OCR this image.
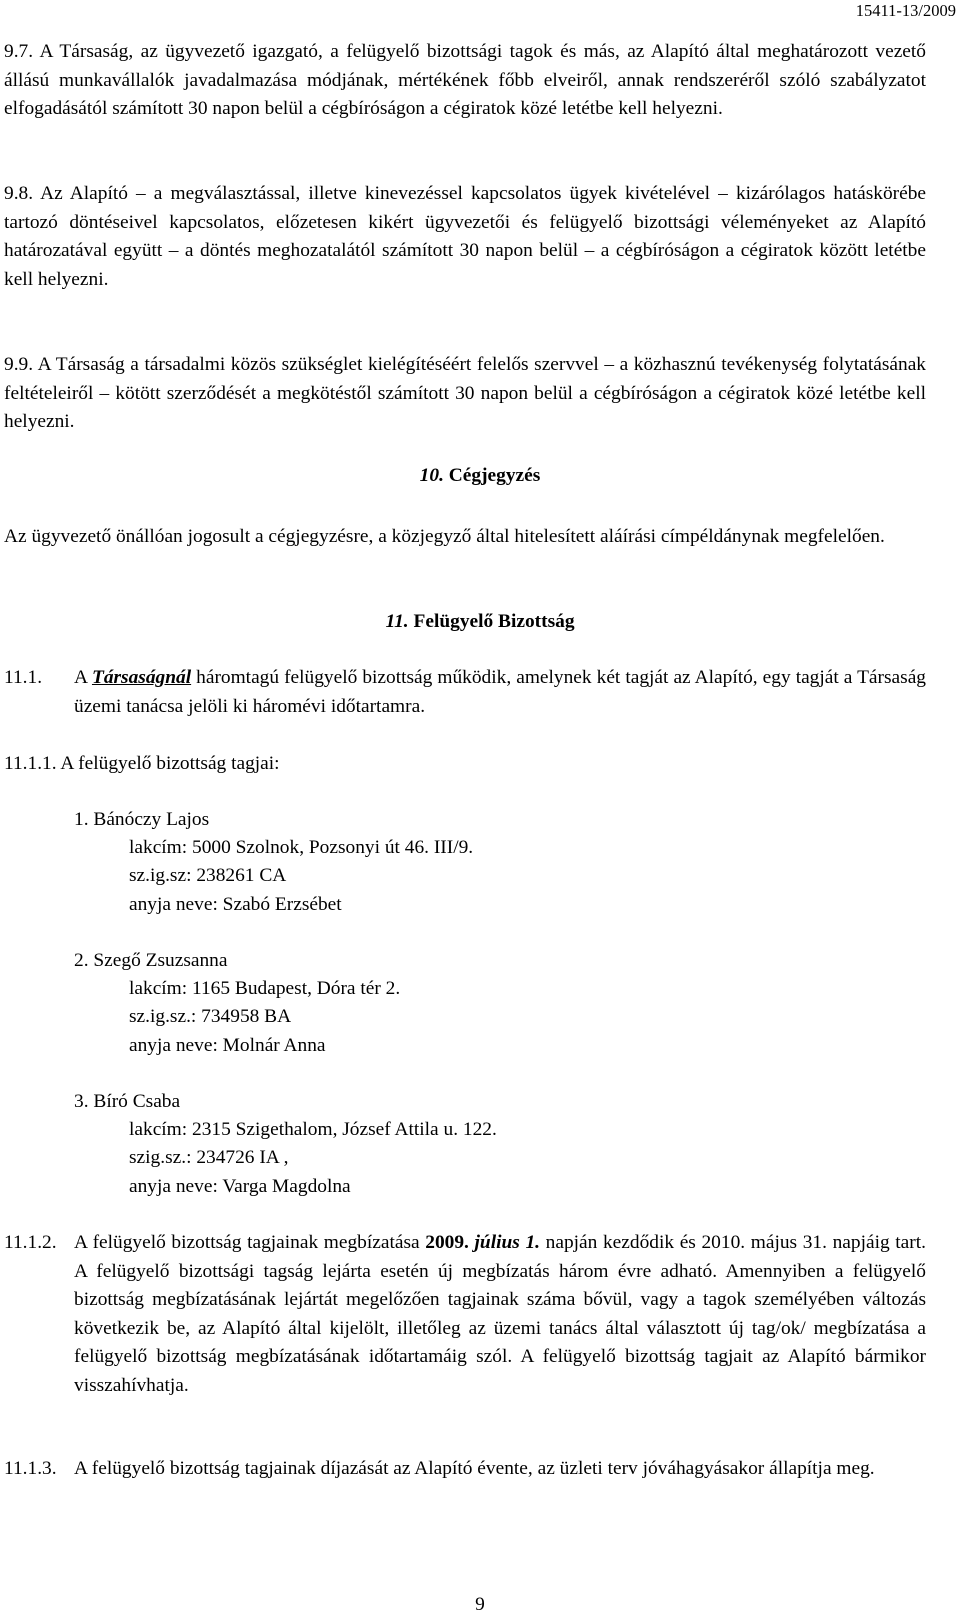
15411-13/2009

9.7. A Társaság, az ügyvezető igazgató, a felügyelő bizottsági tagok és más, az Alapító által meghatározott vezető állású munkavállalók javadalmazása módjának, mértékének főbb elveiről, annak rendszeréről szóló szabályzatot elfogadásától számított 30 napon belül a cégbíróságon a cégiratok közé letétbe kell helyezni.

9.8. Az Alapító – a megválasztással, illetve kinevezéssel kapcsolatos ügyek kivételével – kizárólagos hatáskörébe tartozó döntéseivel kapcsolatos, előzetesen kikért ügyvezetői és felügyelő bizottsági véleményeket az Alapító határozatával együtt – a döntés meghozatalától számított 30 napon belül – a cégbíróságon a cégiratok között letétbe kell helyezni.

9.9. A Társaság a társadalmi közös szükséglet kielégítéséért felelős szervvel – a közhasznú tevékenység folytatásának feltételeiről – kötött szerződését a megkötéstől számított 30 napon belül a cégbíróságon a cégiratok közé letétbe kell helyezni.

10. Cégjegyzés

Az ügyvezető önállóan jogosult a cégjegyzésre, a közjegyző által hitelesített aláírási címpéldánynak megfelelően.

11. Felügyelő Bizottság
11.1. A Társaságnál háromtagú felügyelő bizottság működik, amelynek két tagját az Alapító, egy tagját a Társaság üzemi tanácsa jelöli ki háromévi időtartamra.

11.1.1. A felügyelő bizottság tagjai:
1. Bánóczy Lajos
lakcím: 5000 Szolnok, Pozsonyi út 46. III/9.
sz.ig.sz: 238261 CA
anyja neve: Szabó Erzsébet
2. Szegő Zsuzsanna
lakcím: 1165 Budapest, Dóra tér 2.
sz.ig.sz.: 734958 BA
anyja neve: Molnár Anna
3. Bíró Csaba
lakcím: 2315 Szigethalom, József Attila u. 122.
szig.sz.: 234726 IA ,
anyja neve: Varga Magdolna
11.1.2. A felügyelő bizottság tagjainak megbízatása 2009. július 1. napján kezdődik és 2010. május 31. napjáig tart. A felügyelő bizottsági tagság lejárta esetén új megbízatás három évre adható. Amennyiben a felügyelő bizottság megbízatásának lejártát megelőzően tagjainak száma bővül, vagy a tagok személyében változás következik be, az Alapító által kijelölt, illetőleg az üzemi tanács által választott új tag/ok/ megbízatása a felügyelő bizottság megbízatásának időtartamáig szól. A felügyelő bizottság tagjait az Alapító bármikor visszahívhatja.

11.1.3. A felügyelő bizottság tagjainak díjazását az Alapító évente, az üzleti terv jóváhagyásakor állapítja meg.

9
